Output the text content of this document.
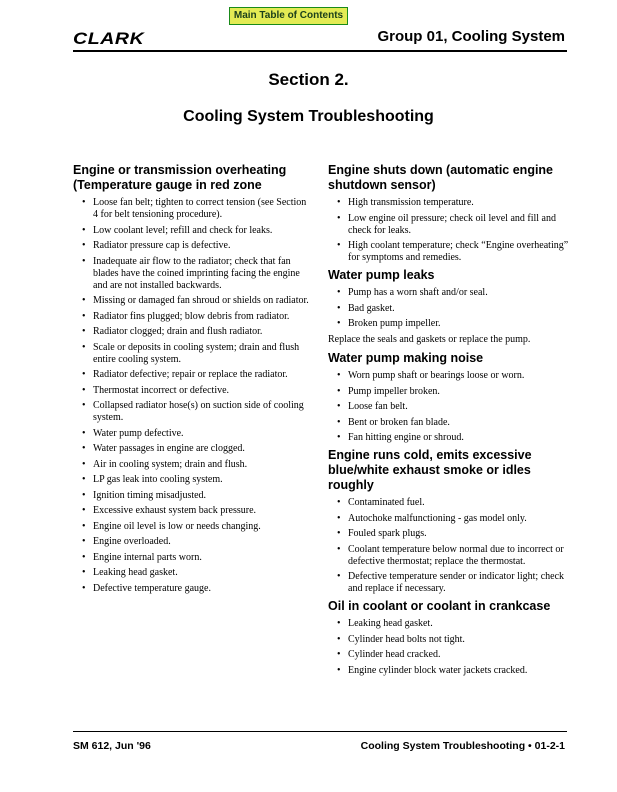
Main Table of Contents
CLARK	Group 01, Cooling System
Section 2.
Cooling System Troubleshooting
Engine or transmission overheating (Temperature gauge in red zone
• Loose fan belt; tighten to correct tension (see Section 4 for belt tensioning procedure).
• Low coolant level; refill and check for leaks.
• Radiator pressure cap is defective.
• Inadequate air flow to the radiator; check that fan blades have the coined imprinting facing the engine and are not installed backwards.
• Missing or damaged fan shroud or shields on radiator.
• Radiator fins plugged; blow debris from radiator.
• Radiator clogged; drain and flush radiator.
• Scale or deposits in cooling system; drain and flush entire cooling system.
• Radiator defective; repair or replace the radiator.
• Thermostat incorrect or defective.
• Collapsed radiator hose(s) on suction side of cooling system.
• Water pump defective.
• Water passages in engine are clogged.
• Air in cooling system; drain and flush.
• LP gas leak into cooling system.
• Ignition timing misadjusted.
• Excessive exhaust system back pressure.
• Engine oil level is low or needs changing.
• Engine overloaded.
• Engine internal parts worn.
• Leaking head gasket.
• Defective temperature gauge.
Engine shuts down (automatic engine shutdown sensor)
• High transmission temperature.
• Low engine oil pressure; check oil level and fill and check for leaks.
• High coolant temperature; check “Engine overheating” for symptoms and remedies.
Water pump leaks
• Pump has a worn shaft and/or seal.
• Bad gasket.
• Broken pump impeller.

Replace the seals and gaskets or replace the pump.

Water pump making noise
• Worn pump shaft or bearings loose or worn.
• Pump impeller broken.
• Loose fan belt.
• Bent or broken fan blade.
• Fan hitting engine or shroud.
Engine runs cold, emits excessive blue/white exhaust smoke or idles roughly
• Contaminated fuel.
• Autochoke malfunctioning - gas model only.
• Fouled spark plugs.
• Coolant temperature below normal due to incorrect or defective thermostat; replace the thermostat.
• Defective temperature sender or indicator light; check and replace if necessary.
Oil in coolant or coolant in crankcase
• Leaking head gasket.
• Cylinder head bolts not tight.
• Cylinder head cracked.
• Engine cylinder block water jackets cracked.
SM 612, Jun '96	Cooling System Troubleshooting • 01-2-1
